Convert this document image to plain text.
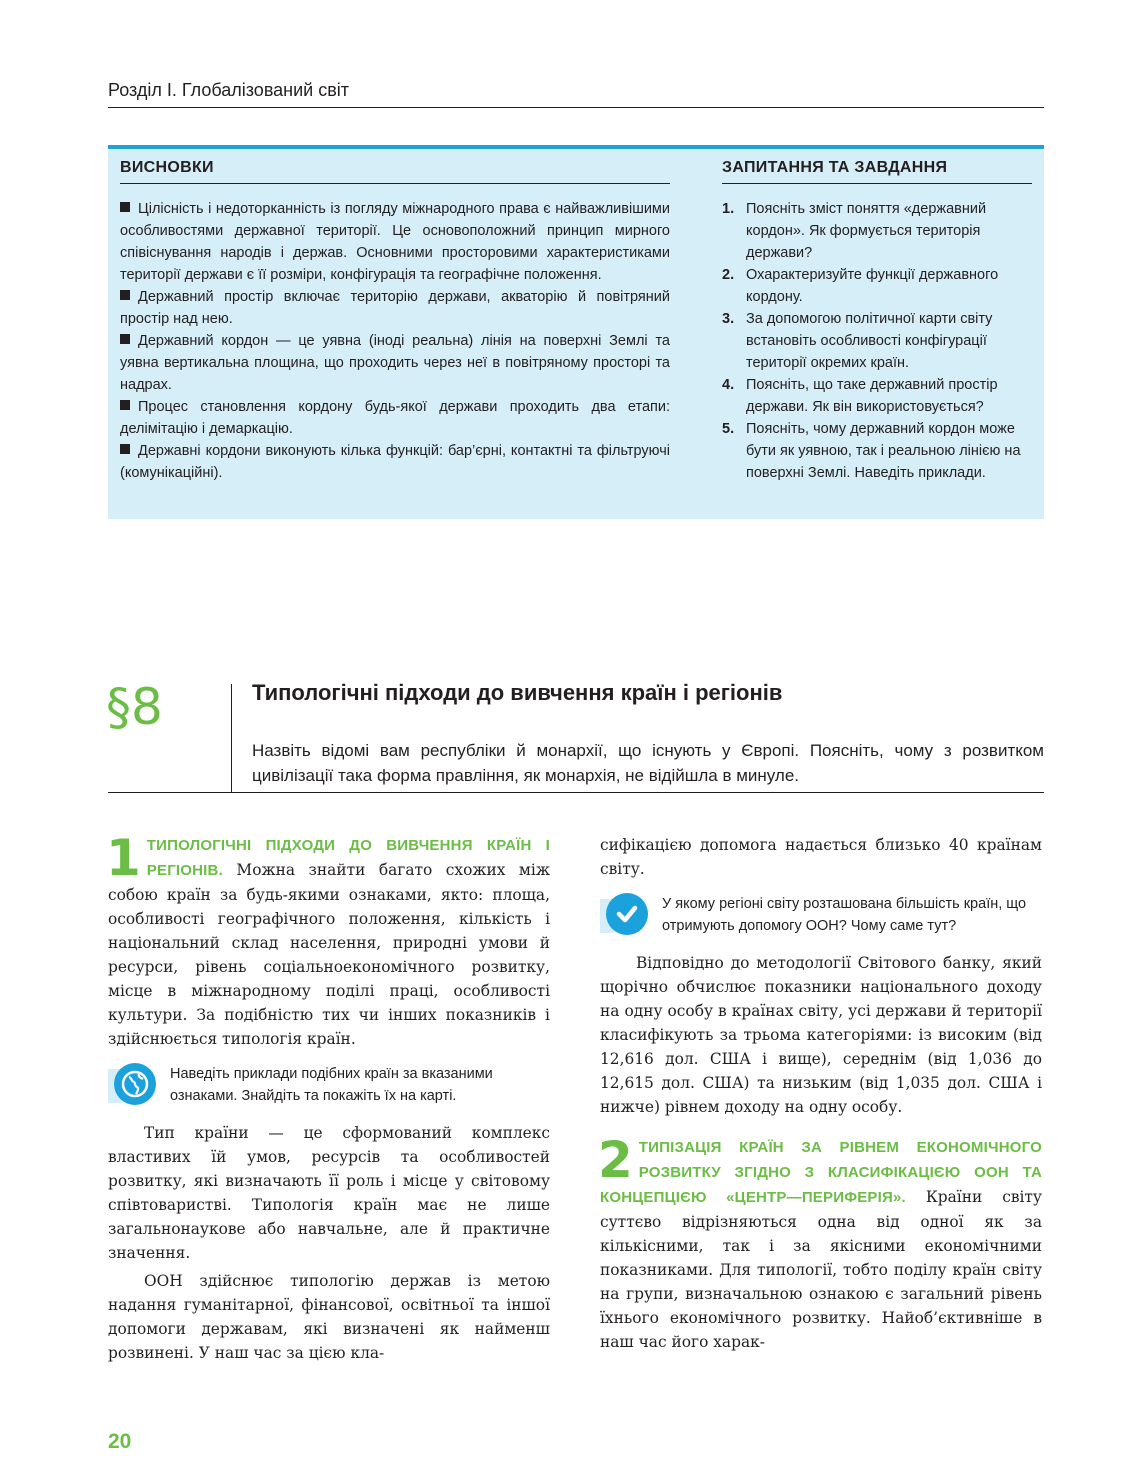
Розділ І. Глобалізований світ
ВИСНОВКИ

Цілісність і недоторканність із погляду міжнародного права є найважливішими особливостями державної території. Це основоположний принцип мирного співіснування народів і держав. Основними просторовими характеристиками території держави є її розміри, конфігурація та географічне положення.

Державний простір включає територію держави, акваторію й повітряний простір над нею.

Державний кордон — це уявна (іноді реальна) лінія на поверхні Землі та уявна вертикальна площина, що проходить через неї в повітряному просторі та надрах.

Процес становлення кордону будь-якої держави проходить два етапи: делімітацію і демаркацію.

Державні кордони виконують кілька функцій: бар’єрні, контактні та фільтруючі (комунікаційні).

ЗАПИТАННЯ ТА ЗАВДАННЯ
1. Поясніть зміст поняття «державний кордон». Як формується територія держави?
2. Охарактеризуйте функції державного кордону.
3. За допомогою політичної карти світу встановіть особливості конфігурації території окремих країн.
4. Поясніть, що таке державний простір держави. Як він використовується?
5. Поясніть, чому державний кордон може бути як уявною, так і реальною лінією на поверхні Землі. Наведіть приклади.
§8	Типологічні підходи до вивчення країн і регіонів
Назвіть відомі вам республіки й монархії, що існують у Європі. Поясніть, чому з розвитком цивілізації така форма правління, як монархія, не відійшла в минуле.

1 ТИПОЛОГІЧНІ ПІДХОДИ ДО ВИВЧЕННЯ КРАЇН І РЕГІОНІВ. Можна знайти багато схожих між собою країн за будь-якими ознаками, якто: площа, особливості географічного положення, кількість і національний склад населення, природні умови й ресурси, рівень соціальноекономічного розвитку, місце в міжнародному поділі праці, особливості культури. За подібністю тих чи інших показників і здійснюється типологія країн.

Наведіть приклади подібних країн за вказаними ознаками. Знайдіть та покажіть їх на карті.

Тип країни — це сформований комплекс властивих їй умов, ресурсів та особливостей розвитку, які визначають її роль і місце у світовому співтоваристві. Типологія країн має не лише загальнонаукове або навчальне, але й практичне значення.

ООН здійснює типологію держав із метою надання гуманітарної, фінансової, освітньої та іншої допомоги державам, які визначені як найменш розвинені. У наш час за цією кла-

сифікацією допомога надається близько 40 країнам світу.

У якому регіоні світу розташована більшість країн, що отримують допомогу ООН? Чому саме тут?

Відповідно до методології Світового банку, який щорічно обчислює показники національного доходу на одну особу в країнах світу, усі держави й території класифікують за трьома категоріями: із високим (від 12,616 дол. США і вище), середнім (від 1,036 до 12,615 дол. США) та низьким (від 1,035 дол. США і нижче) рівнем доходу на одну особу.

2 ТИПІЗАЦІЯ КРАЇН ЗА РІВНЕМ ЕКОНОМІЧНОГО РОЗВИТКУ ЗГІДНО З КЛАСИФІКАЦІЄЮ ООН ТА КОНЦЕПЦІЄЮ «ЦЕНТР—ПЕРИФЕРІЯ». Країни світу суттєво відрізняються одна від одної як за кількісними, так і за якісними економічними показниками. Для типології, тобто поділу країн світу на групи, визначальною ознакою є загальний рівень їхнього економічного розвитку. Найоб’єктивніше в наш час його харак-

20
